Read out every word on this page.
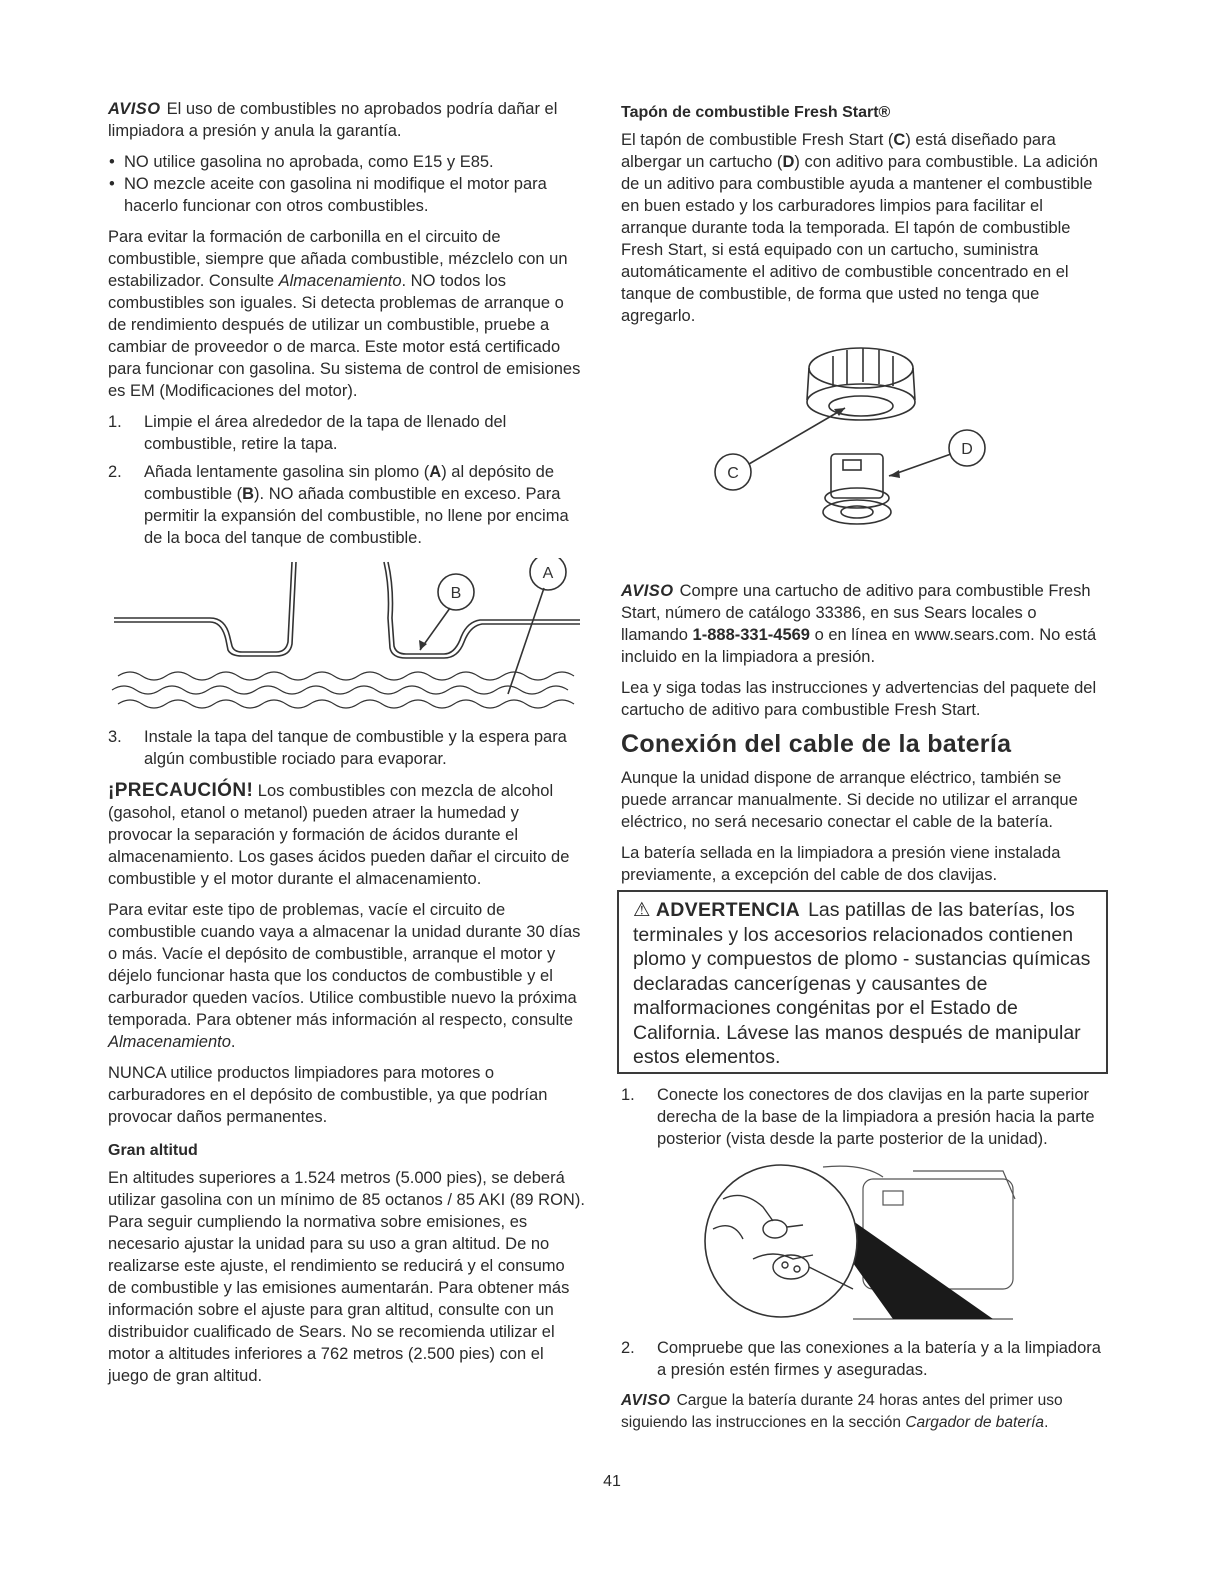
AVISO El uso de combustibles no aprobados podría dañar el limpiadora a presión y anula la garantía.

• NO utilice gasolina no aprobada, como E15 y E85.
• NO mezcle aceite con gasolina ni modifique el motor para hacerlo funcionar con otros combustibles.

Para evitar la formación de carbonilla en el circuito de combustible, siempre que añada combustible, mézclelo con un estabilizador. Consulte Almacenamiento. NO todos los combustibles son iguales. Si detecta problemas de arranque o de rendimiento después de utilizar un combustible, pruebe a cambiar de proveedor o de marca. Este motor está certificado para funcionar con gasolina. Su sistema de control de emisiones es EM (Modificaciones del motor).

1.	Limpie el área alrededor de la tapa de llenado del combustible, retire la tapa.
2.	Añada lentamente gasolina sin plomo (A) al depósito de combustible (B). NO añada combustible en exceso. Para permitir la expansión del combustible, no llene por encima de la boca del tanque de combustible.
B
A
3.	Instale la tapa del tanque de combustible y la espera para algún combustible rociado para evaporar.

¡PRECAUCIÓN! Los combustibles con mezcla de alcohol (gasohol, etanol o metanol) pueden atraer la humedad y provocar la separación y formación de ácidos durante el almacenamiento. Los gases ácidos pueden dañar el circuito de combustible y el motor durante el almacenamiento.

Para evitar este tipo de problemas, vacíe el circuito de combustible cuando vaya a almacenar la unidad durante 30 días o más. Vacíe el depósito de combustible, arranque el motor y déjelo funcionar hasta que los conductos de combustible y el carburador queden vacíos. Utilice combustible nuevo la próxima temporada. Para obtener más información al respecto, consulte Almacenamiento.

NUNCA utilice productos limpiadores para motores o carburadores en el depósito de combustible, ya que podrían provocar daños permanentes.

Gran altitud

En altitudes superiores a 1.524 metros (5.000 pies), se deberá utilizar gasolina con un mínimo de 85 octanos / 85 AKI (89 RON). Para seguir cumpliendo la normativa sobre emisiones, es necesario ajustar la unidad para su uso a gran altitud. De no realizarse este ajuste, el rendimiento se reducirá y el consumo de combustible y las emisiones aumentarán. Para obtener más información sobre el ajuste para gran altitud, consulte con un distribuidor cualificado de Sears. No se recomienda utilizar el motor a altitudes inferiores a 762 metros (2.500 pies) con el juego de gran altitud.

Tapón de combustible Fresh Start®

El tapón de combustible Fresh Start (C) está diseñado para albergar un cartucho (D) con aditivo para combustible. La adición de un aditivo para combustible ayuda a mantener el combustible en buen estado y los carburadores limpios para facilitar el arranque durante toda la temporada. El tapón de combustible Fresh Start, si está equipado con un cartucho, suministra automáticamente el aditivo de combustible concentrado en el tanque de combustible, de forma que usted no tenga que agregarlo.

C
D

AVISO Compre una cartucho de aditivo para combustible Fresh Start, número de catálogo 33386, en sus Sears locales o llamando 1-888-331-4569 o en línea en www.sears.com. No está incluido en la limpiadora a presión.

Lea y siga todas las instrucciones y advertencias del paquete del cartucho de aditivo para combustible Fresh Start.

Conexión del cable de la batería

Aunque la unidad dispone de arranque eléctrico, también se puede arrancar manualmente. Si decide no utilizar el arranque eléctrico, no será necesario conectar el cable de la batería.

La batería sellada en la limpiadora a presión viene instalada previamente, a excepción del cable de dos clavijas.

⚠ ADVERTENCIA Las patillas de las baterías, los terminales y los accesorios relacionados contienen plomo y compuestos de plomo - sustancias químicas declaradas cancerígenas y causantes de malformaciones congénitas por el Estado de California. Lávese las manos después de manipular estos elementos.

1.	Conecte los conectores de dos clavijas en la parte superior derecha de la base de la limpiadora a presión hacia la parte posterior (vista desde la parte posterior de la unidad).
2.	Compruebe que las conexiones a la batería y a la limpiadora a presión estén firmes y aseguradas.

AVISO Cargue la batería durante 24 horas antes del primer uso siguiendo las instrucciones en la sección Cargador de batería.

41
